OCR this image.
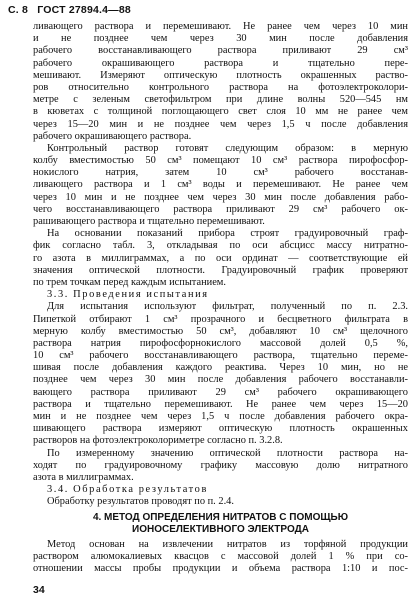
С. 8 ГОСТ 27894.4—88
ливающего раствора и перемешивают. Не ранее чем через 10 мин
и не позднее чем через 30 мин после добавления
рабочего восстанавливающего раствора приливают 29 см³
рабочего окрашивающего раствора и тщательно пере-
мешивают. Измеряют оптическую плотность окрашенных раство-
ров относительно контрольного раствора на фотоэлектроколори-
метре с зеленым светофильтром при длине волны 520—545 нм
в кюветах с толщиной поглощающего свет слоя 10 мм не ранее чем
через 15—20 мин и не позднее чем через 1,5 ч после добавления
рабочего окрашивающего раствора.
Контрольный раствор готовят следующим образом: в мерную
колбу вместимостью 50 см³ помещают 10 см³ раствора пирофосфор-
нокислого натрия, затем 10 см³ рабочего восстанав-
ливающего раствора и 1 см³ воды и перемешивают. Не ранее чем
через 10 мин и не позднее чем через 30 мин после добавления рабо-
чего восстанавливающего раствора приливают 29 см³ рабочего ок-
рашивающего раствора и тщательно перемешивают.
На основании показаний прибора строят градуировочный граф-
фик согласно табл. 3, откладывая по оси абсцисс массу нитратно-
го азота в миллиграммах, а по оси ординат — соответствующие ей
значения оптической плотности. Градуировочный график проверяют
по трем точкам перед каждым испытанием.
3.3. Проведения испытания
Для испытания используют фильтрат, полученный по п. 2.3.
Пипеткой отбирают 1 см³ прозрачного и бесцветного фильтрата в
мерную колбу вместимостью 50 см³, добавляют 10 см³ щелочного
раствора натрия пирофосфорнокислого массовой долей 0,5 %,
10 см³ рабочего восстанавливающего раствора, тщательно переме-
шивая после добавления каждого реактива. Через 10 мин, но не
позднее чем через 30 мин после добавления рабочего восстанавли-
вающего раствора приливают 29 см³ рабочего окрашивающего
раствора и тщательно перемешивают. Не ранее чем через 15—20
мин и не позднее чем через 1,5 ч после добавления рабочего окра-
шивающего раствора измеряют оптическую плотность окрашенных
растворов на фотоэлектроколориметре согласно п. 3.2.8.
По измеренному значению оптической плотности раствора на-
ходят по градуировочному графику массовую долю нитратного
азота в миллиграммах.
3.4. Обработка результатов
Обработку результатов проводят по п. 2.4.
4. МЕТОД ОПРЕДЕЛЕНИЯ НИТРАТОВ С ПОМОЩЬЮ
ИОНОСЕЛЕКТИВНОГО ЭЛЕКТРОДА
Метод основан на извлечении нитратов из торфяной продукции
раствором алюмокалиевых квасцов с массовой долей 1 % при со-
отношении массы пробы продукции и объема раствора 1:10 и пос-
34
